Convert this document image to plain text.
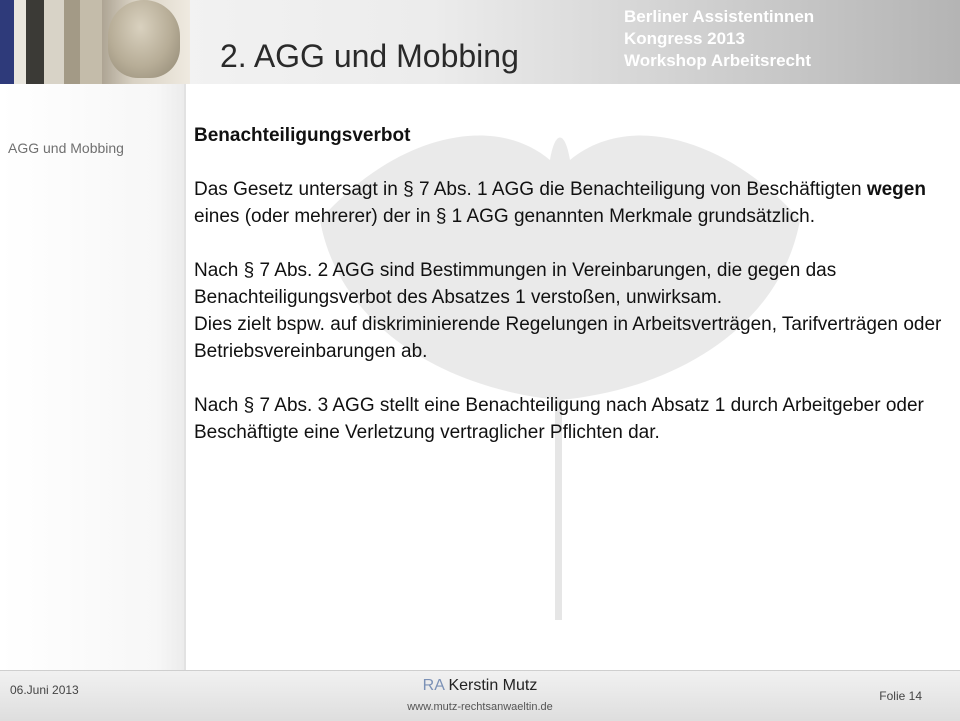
2. AGG und Mobbing
Berliner Assistentinnen
Kongress 2013
Workshop Arbeitsrecht
AGG und Mobbing
Benachteiligungsverbot

Das Gesetz untersagt in § 7 Abs. 1 AGG die Benachteiligung von Beschäftigten wegen eines (oder mehrerer) der in § 1 AGG genannten Merkmale grundsätzlich.

Nach § 7 Abs. 2 AGG sind Bestimmungen in Vereinbarungen, die gegen das Benachteiligungsverbot des Absatzes 1 verstoßen, unwirksam.

Dies zielt bspw. auf diskriminierende Regelungen in Arbeitsverträgen, Tarifverträgen oder Betriebsvereinbarungen ab.

Nach § 7 Abs. 3 AGG stellt eine Benachteiligung nach Absatz 1 durch Arbeitgeber oder Beschäftigte eine Verletzung vertraglicher Pflichten dar.

06.Juni 2013	RA Kerstin Mutz
www.mutz-rechtsanwaeltin.de
Folie 14
